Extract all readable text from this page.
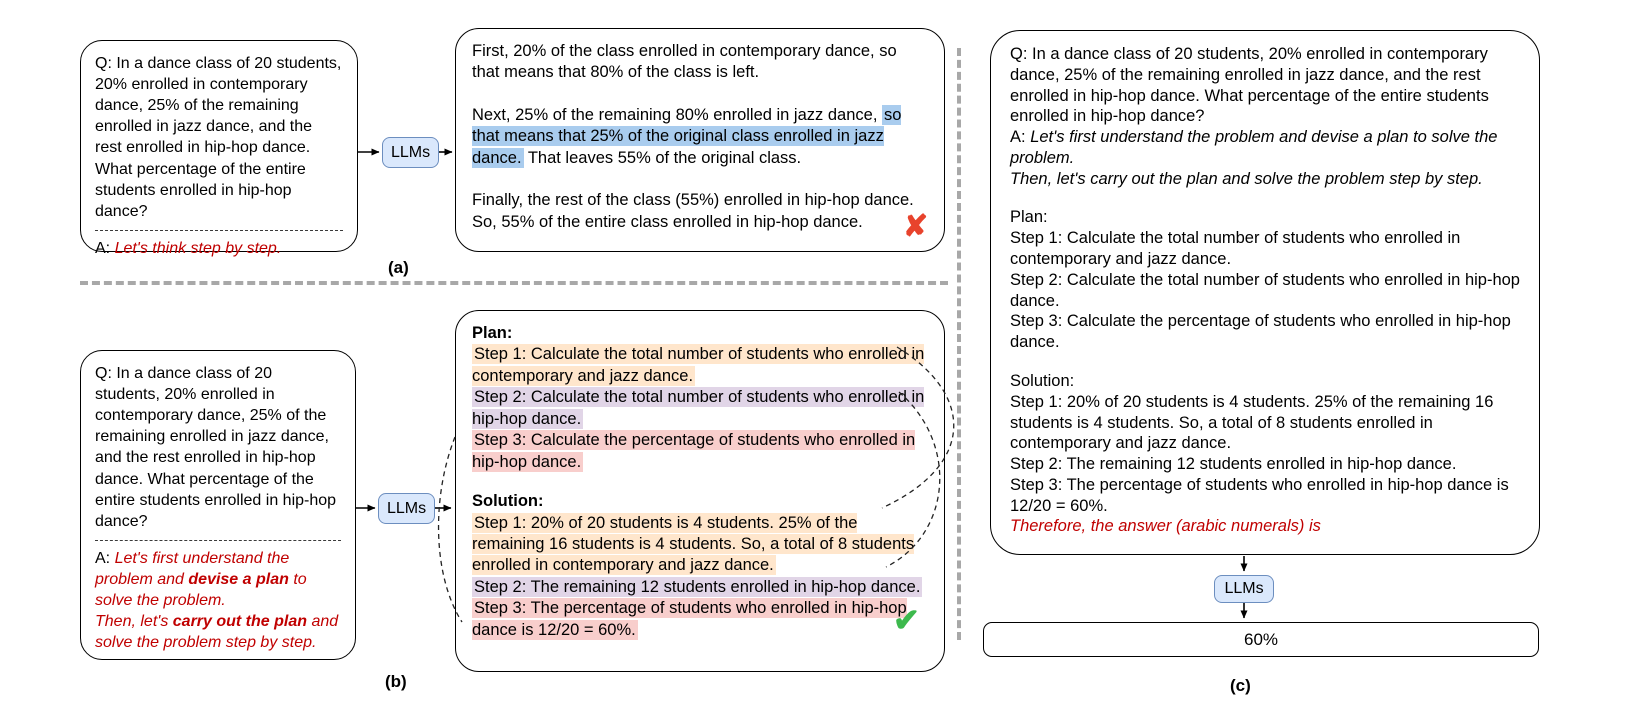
Q: In a dance class of 20 students, 20% enrolled in contemporary dance, 25% of the remaining enrolled in jazz dance, and the rest enrolled in hip-hop dance. What percentage of the entire students enrolled in hip-hop dance?
A: Let's think step by step.
LLMs

First, 20% of the class enrolled in contemporary dance, so that means that 80% of the class is left.

Next, 25% of the remaining 80% enrolled in jazz dance, so that means that 25% of the original class enrolled in jazz dance. That leaves 55% of the original class.

Finally, the rest of the class (55%) enrolled in hip-hop dance. So, 55% of the entire class enrolled in hip-hop dance.	✘
(a)
Q: In a dance class of 20 students, 20% enrolled in contemporary dance, 25% of the remaining enrolled in jazz dance, and the rest enrolled in hip-hop dance. What percentage of the entire students enrolled in hip-hop dance?
A: Let's first understand the problem and devise a plan to solve the problem.
Then, let's carry out the plan and solve the problem step by step.
LLMs
Plan:
Step 1: Calculate the total number of students who enrolled in contemporary and jazz dance.
Step 2: Calculate the total number of students who enrolled in hip-hop dance.
Step 3: Calculate the percentage of students who enrolled in hip-hop dance.
Solution:
Step 1: 20% of 20 students is 4 students. 25% of the remaining 16 students is 4 students. So, a total of 8 students enrolled in contemporary and jazz dance.
Step 2: The remaining 12 students enrolled in hip-hop dance.
Step 3: The percentage of students who enrolled in hip-hop dance is 12/20 = 60%.	✔
(b)
Q: In a dance class of 20 students, 20% enrolled in contemporary dance, 25% of the remaining enrolled in jazz dance, and the rest enrolled in hip-hop dance. What percentage of the entire students enrolled in hip-hop dance?
A: Let's first understand the problem and devise a plan to solve the problem.
Then, let's carry out the plan and solve the problem step by step.
Plan:
Step 1: Calculate the total number of students who enrolled in contemporary and jazz dance.
Step 2: Calculate the total number of students who enrolled in hip-hop dance.
Step 3: Calculate the percentage of students who enrolled in hip-hop dance.
Solution:
Step 1: 20% of 20 students is 4 students. 25% of the remaining 16 students is 4 students. So, a total of 8 students enrolled in contemporary and jazz dance.
Step 2: The remaining 12 students enrolled in hip-hop dance.
Step 3: The percentage of students who enrolled in hip-hop dance is 12/20 = 60%.
Therefore, the answer (arabic numerals) is
LLMs
60%
(c)
